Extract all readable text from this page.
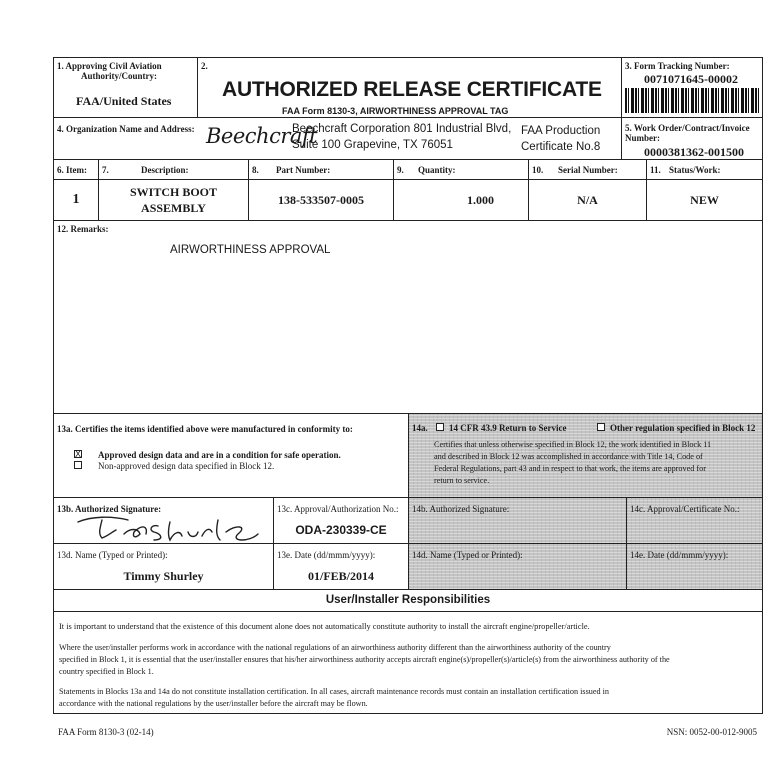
1. Approving Civil Aviation
Authority/Country:
FAA/United States
2.
AUTHORIZED RELEASE CERTIFICATE
FAA Form 8130-3, AIRWORTHINESS APPROVAL TAG
3. Form Tracking Number:
0071071645-00002
4. Organization Name and Address: Beechcraft
Beechcraft Corporation 801 Industrial Blvd,
Suite 100 Grapevine, TX 76051
FAA Production
Certificate No.8
5. Work Order/Contract/Invoice
Number:
0000381362-001500
6. Item: 7.	Description:	8. Part Number:	9. Quantity:	10. Serial Number:	11. Status/Work:
1	SWITCH BOOT
ASSEMBLY
138-533507-0005	1.000	N/A	NEW
12. Remarks:
AIRWORTHINESS APPROVAL
13a. Certifies the items identified above were manufactured in conformity to:
X Approved design data and are in a condition for safe operation.
Non-approved design data specified in Block 12.
14a. 14 CFR 43.9 Return to Service	Other regulation specified in Block 12
Certifies that unless otherwise specified in Block 12, the work identified in Block 11
and described in Block 12 was accomplished in accordance with Title 14, Code of
Federal Regulations, part 43 and in respect to that work, the items are approved for
return to service.
13b. Authorized Signature:	13c. Approval/Authorization No.:
ODA-230339-CE
14b. Authorized Signature:	14c. Approval/Certificate No.:
13d. Name (Typed or Printed):
Timmy Shurley
13e. Date (dd/mmm/yyyy):
01/FEB/2014
14d. Name (Typed or Printed):	14e. Date (dd/mmm/yyyy):
User/Installer Responsibilities
It is important to understand that the existence of this document alone does not automatically constitute authority to install the aircraft engine/propeller/article.
Where the user/installer performs work in accordance with the national regulations of an airworthiness authority different than the airworthiness authority of the country
specified in Block 1, it is essential that the user/installer ensures that his/her airworthiness authority accepts aircraft engine(s)/propeller(s)/article(s) from the airworthiness authority of the
country specified in Block 1.
Statements in Blocks 13a and 14a do not constitute installation certification. In all cases, aircraft maintenance records must contain an installation certification issued in
accordance with the national regulations by the user/installer before the aircraft may be flown.
FAA Form 8130-3 (02-14)	NSN: 0052-00-012-9005
